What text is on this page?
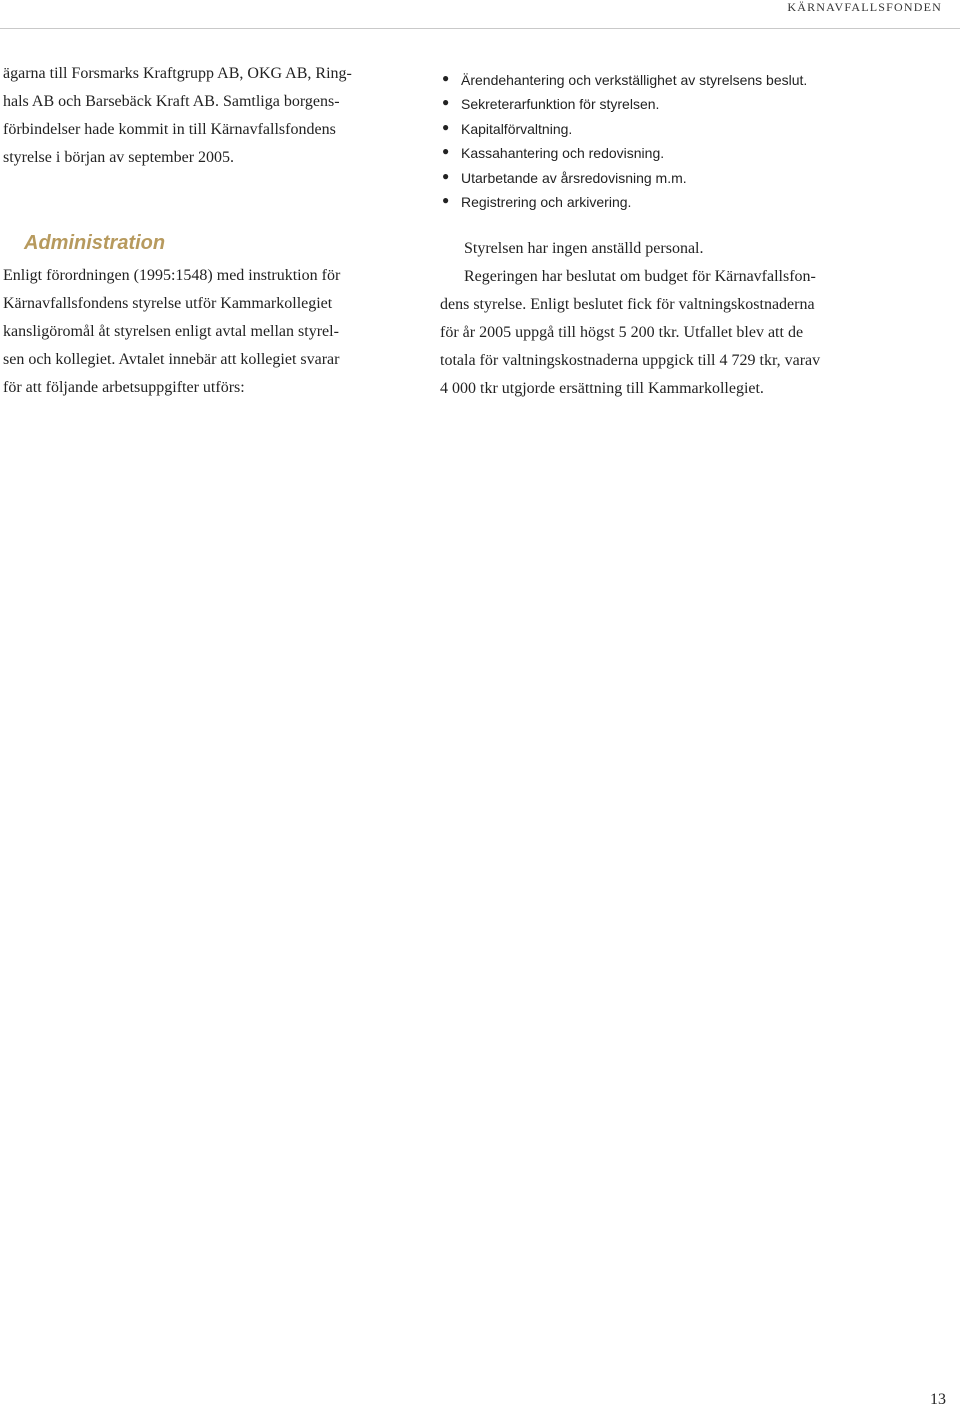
KÄRNAVFALLSFONDEN

ägarna till Forsmarks Kraftgrupp AB, OKG AB, Ring-
hals AB och Barsebäck Kraft AB. Samtliga borgens-
förbindelser hade kommit in till Kärnavfallsfondens
styrelse i början av september 2005.

Administration

Enligt förordningen (1995:1548) med instruktion för
Kärnavfallsfondens styrelse utför Kammarkollegiet
kansligöromål åt styrelsen enligt avtal mellan styrel-
sen och kollegiet. Avtalet innebär att kollegiet svarar
för att följande arbetsuppgifter utförs:

● Ärendehantering och verkställighet av styrelsens beslut.
● Sekreterarfunktion för styrelsen.
● Kapitalförvaltning.
● Kassahantering och redovisning.
● Utarbetande av årsredovisning m.m.
● Registrering och arkivering.

Styrelsen har ingen anställd personal.

Regeringen har beslutat om budget för Kärnavfallsfon-
dens styrelse. Enligt beslutet fick för valtningskostnaderna
för år 2005 uppgå till högst 5 200 tkr. Utfallet blev att de
totala för valtningskostnaderna uppgick till 4 729 tkr, varav
4 000 tkr utgjorde ersättning till Kammarkollegiet.

13
